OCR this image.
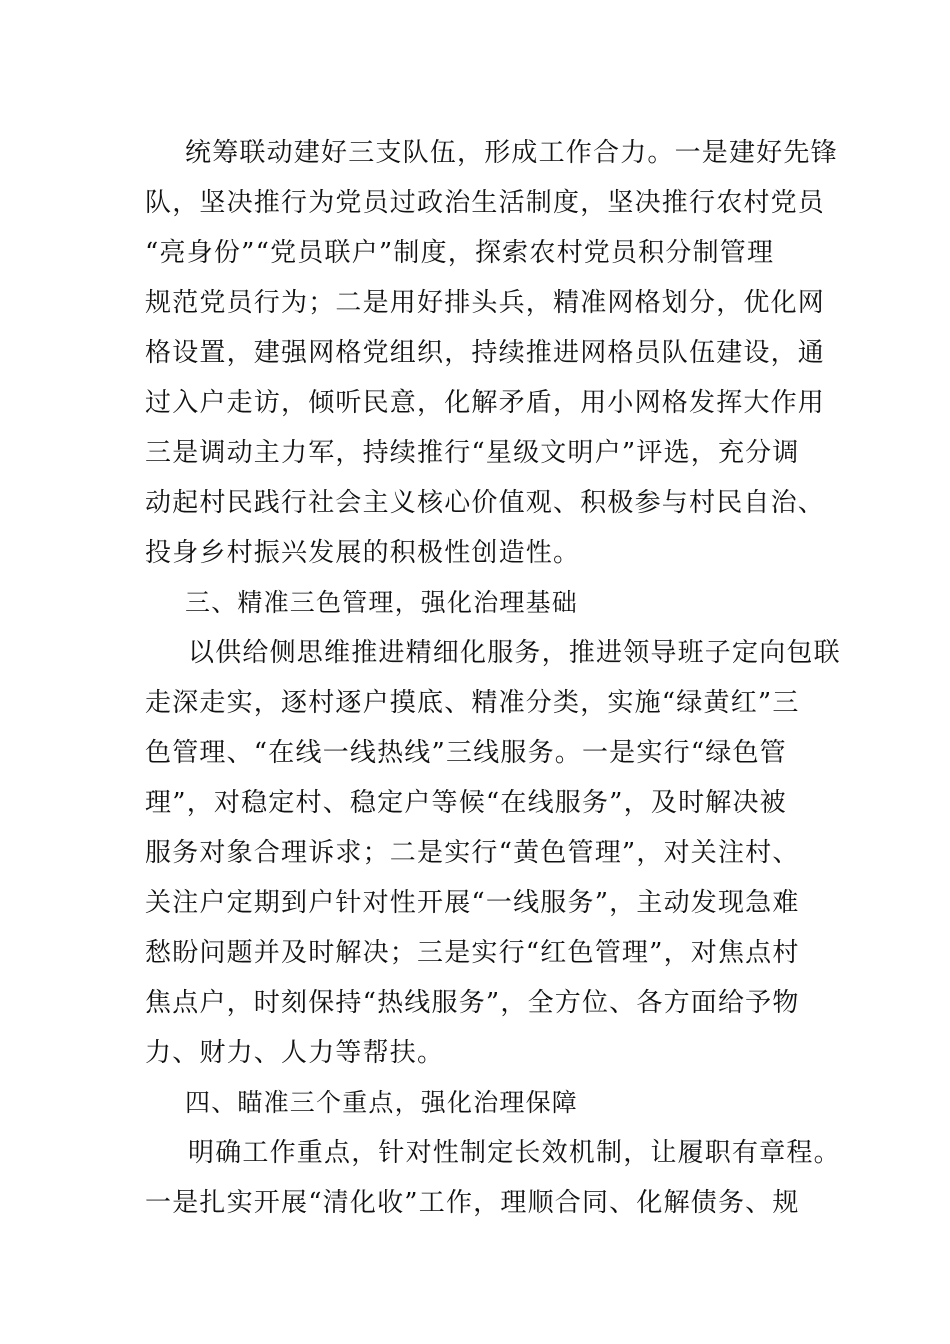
统筹联动建好三支队伍，形成工作合力。一是建好先锋
队，坚决推行为党员过政治生活制度，坚决推行农村党员
“亮身份”“党员联户”制度，探索农村党员积分制管理
规范党员行为；二是用好排头兵，精准网格划分，优化网
格设置，建强网格党组织，持续推进网格员队伍建设，通
过入户走访，倾听民意，化解矛盾，用小网格发挥大作用
三是调动主力军，持续推行“星级文明户”评选，充分调
动起村民践行社会主义核心价值观、积极参与村民自治、
投身乡村振兴发展的积极性创造性。
三、精准三色管理，强化治理基础
以供给侧思维推进精细化服务，推进领导班子定向包联
走深走实，逐村逐户摸底、精准分类，实施“绿黄红”三
色管理、“在线一线热线”三线服务。一是实行“绿色管
理”，对稳定村、稳定户等候“在线服务”，及时解决被
服务对象合理诉求；二是实行“黄色管理”，对关注村、
关注户定期到户针对性开展“一线服务”，主动发现急难
愁盼问题并及时解决；三是实行“红色管理”，对焦点村
焦点户，时刻保持“热线服务”，全方位、各方面给予物
力、财力、人力等帮扶。
四、瞄准三个重点，强化治理保障
明确工作重点，针对性制定长效机制，让履职有章程。
一是扎实开展“清化收”工作，理顺合同、化解债务、规
